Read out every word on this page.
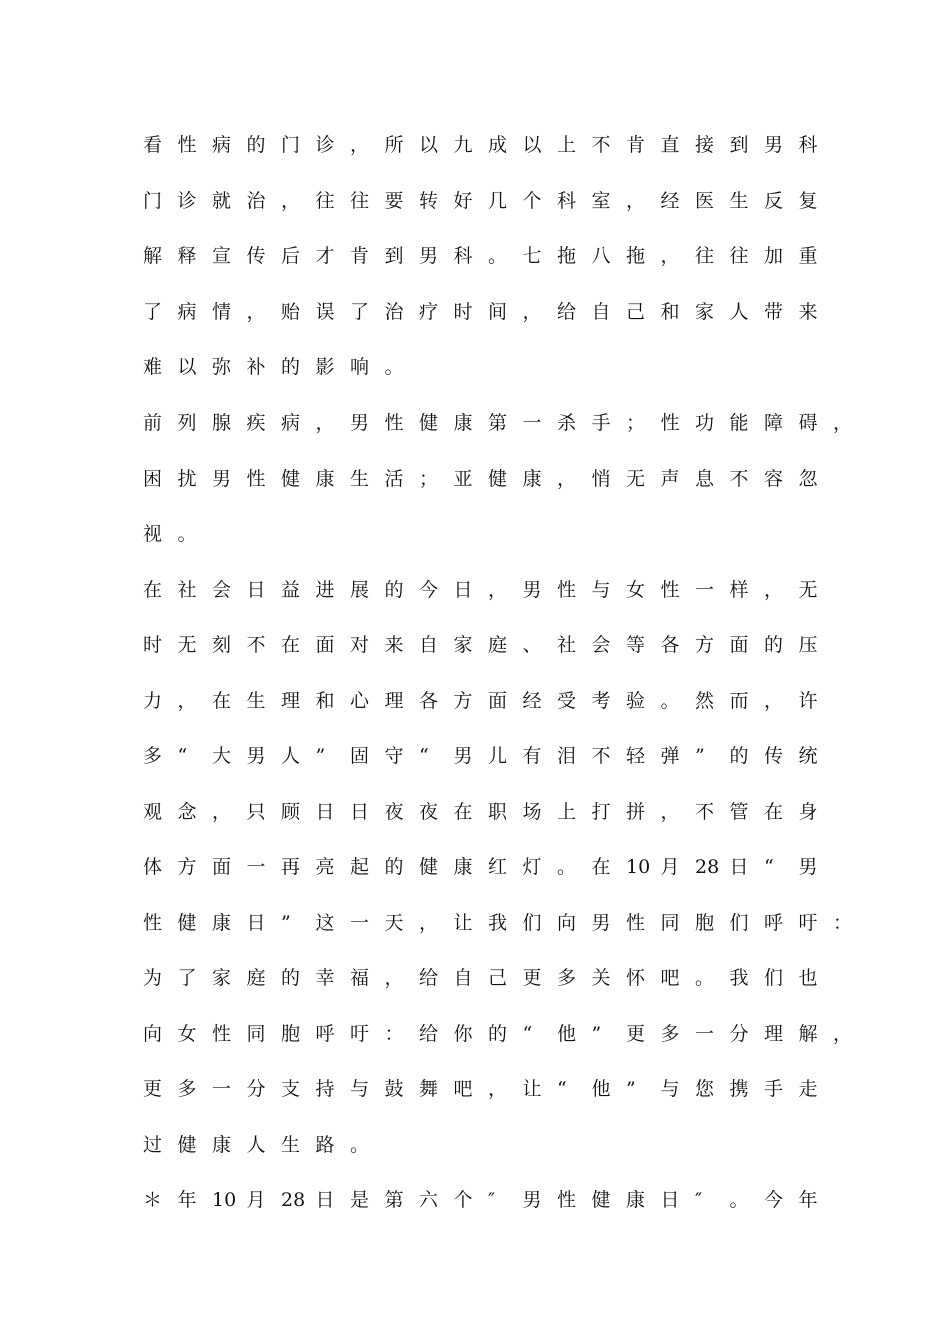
看 性 病 的 门 诊 ， 所 以 九 成 以 上 不 肯 直 接 到 男 科
门 诊 就 治 ， 往 往 要 转 好 几 个 科 室 ， 经 医 生 反 复
解 释 宣 传 后 才 肯 到 男 科 。 七 拖 八 拖 ， 往 往 加 重
了 病 情 ， 贻 误 了 治 疗 时 间 ， 给 自 己 和 家 人 带 来
难 以 弥 补 的 影 响 。
前 列 腺 疾 病 ， 男 性 健 康 第 一 杀 手 ； 性 功 能 障 碍 ，
困 扰 男 性 健 康 生 活 ； 亚 健 康 ， 悄 无 声 息 不 容 忽
视 。
在 社 会 日 益 进 展 的 今 日 ， 男 性 与 女 性 一 样 ， 无
时 无 刻 不 在 面 对 来 自 家 庭 、 社 会 等 各 方 面 的 压
力 ， 在 生 理 和 心 理 各 方 面 经 受 考 验 。 然 而 ， 许
多 “ 大 男 人 ” 固 守 “ 男 儿 有 泪 不 轻 弹 ” 的 传 统
观 念 ， 只 顾 日 日 夜 夜 在 职 场 上 打 拼 ， 不 管 在 身
体 方 面 一 再 亮 起 的 健 康 红 灯 。 在 10 月 28 日 “ 男
性 健 康 日 ” 这 一 天 ， 让 我 们 向 男 性 同 胞 们 呼 吁 ：
为 了 家 庭 的 幸 福 ， 给 自 己 更 多 关 怀 吧 。 我 们 也
向 女 性 同 胞 呼 吁 ： 给 你 的 “ 他 ” 更 多 一 分 理 解 ，
更 多 一 分 支 持 与 鼓 舞 吧 ， 让 “ 他 ” 与 您 携 手 走
过 健 康 人 生 路 。
＊ 年 10 月 28 日 是 第 六 个 ″ 男 性 健 康 日 ″ 。 今 年
